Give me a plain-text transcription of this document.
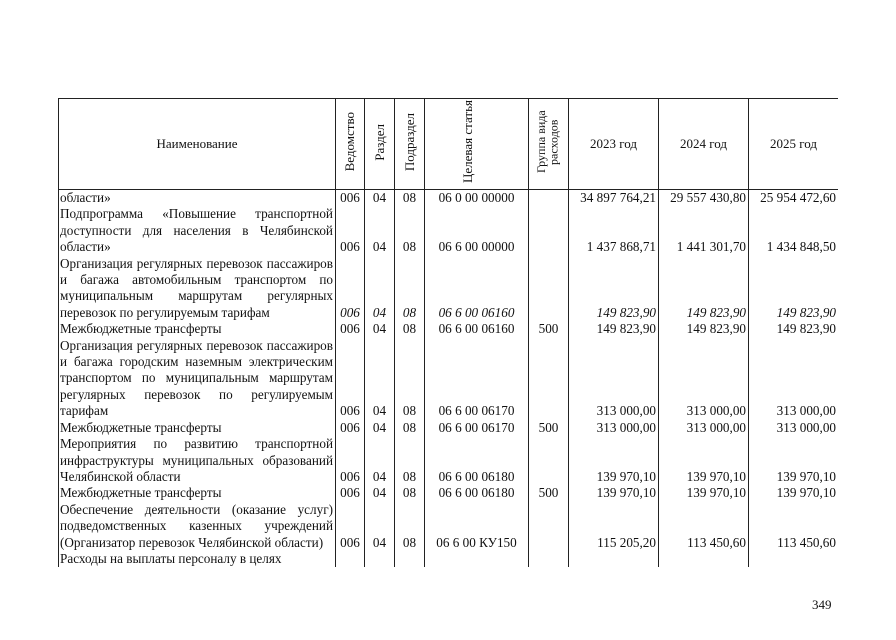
Наименование	Ведомство	Раздел	Подраздел	Целевая статья	Группа вида расходов	2023 год	2024 год	2025 год
области»	006	04	08	06 0 00 00000		34 897 764,21	29 557 430,80	25 954 472,60
Подпрограмма «Повышение транспортной доступности для населения в Челябинской области»	006	04	08	06 6 00 00000		1 437 868,71	1 441 301,70	1 434 848,50
Организация регулярных перевозок пассажиров и багажа автомобильным транспортом по муниципальным маршрутам регулярных перевозок по регулируемым тарифам	006	04	08	06 6 00 06160		149 823,90	149 823,90	149 823,90
Межбюджетные трансферты	006	04	08	06 6 00 06160	500	149 823,90	149 823,90	149 823,90
Организация регулярных перевозок пассажиров и багажа городским наземным электрическим транспортом по муниципальным маршрутам регулярных перевозок по регулируемым тарифам	006	04	08	06 6 00 06170		313 000,00	313 000,00	313 000,00
Межбюджетные трансферты	006	04	08	06 6 00 06170	500	313 000,00	313 000,00	313 000,00
Мероприятия по развитию транспортной инфраструктуры муниципальных образований Челябинской области	006	04	08	06 6 00 06180		139 970,10	139 970,10	139 970,10
Межбюджетные трансферты	006	04	08	06 6 00 06180	500	139 970,10	139 970,10	139 970,10
Обеспечение деятельности (оказание услуг) подведомственных казенных учреждений (Организатор перевозок Челябинской области)	006	04	08	06 6 00 КУ150		115 205,20	113 450,60	113 450,60
Расходы на выплаты персоналу в целях								
349
